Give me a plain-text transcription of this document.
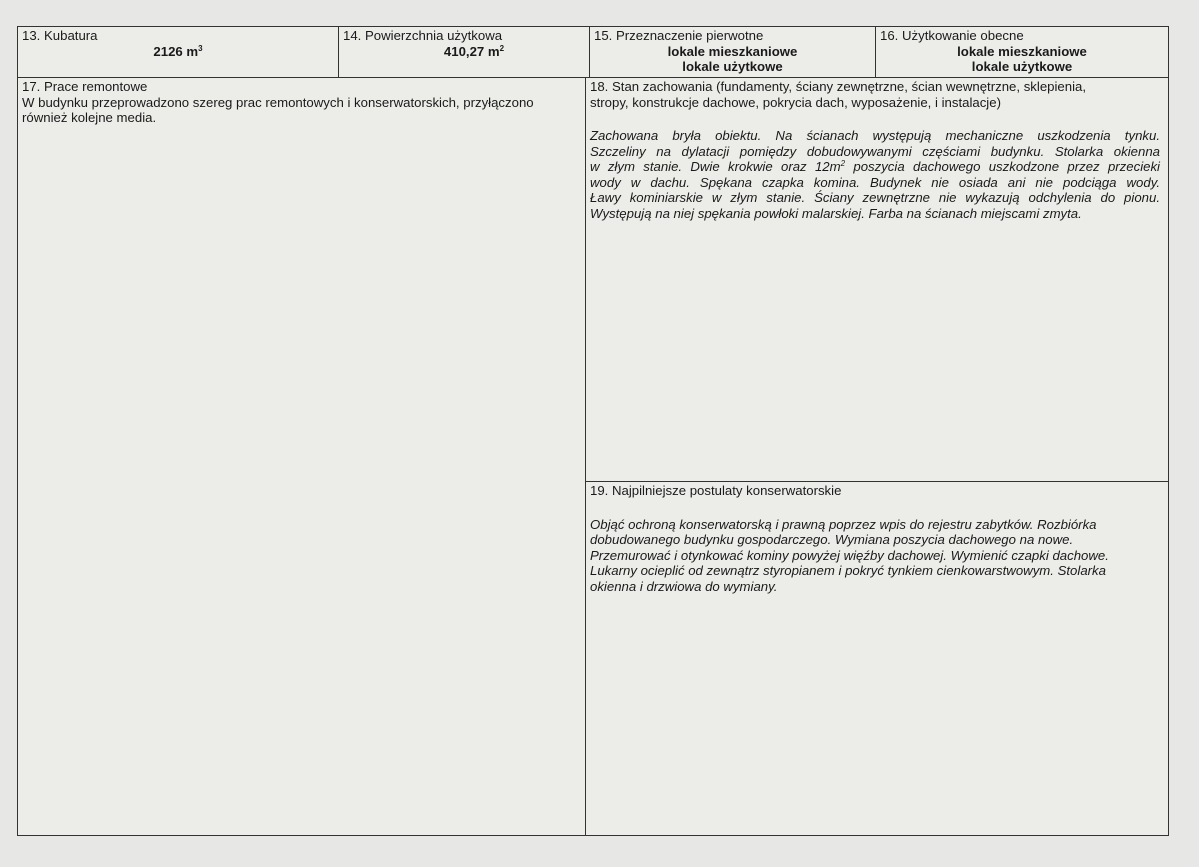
13. Kubatura
2126 $m^3$
14. Powierzchnia użytkowa
410,27 $m^2$
15. Przeznaczenie pierwotne
lokale mieszkaniowe
lokale użytkowe
16. Użytkowanie obecne
lokale mieszkaniowe
lokale użytkowe
17. Prace remontowe
W budynku przeprowadzono szereg prac remontowych i konserwatorskich, przyłączono również kolejne media.
18. Stan zachowania (fundamenty, ściany zewnętrzne, ścian wewnętrzne, sklepienia,
stropy, konstrukcje dachowe, pokrycia dach, wyposażenie, i instalacje)
Zachowana bryła obiektu. Na ścianach występują mechaniczne uszkodzenia tynku.
Szczeliny na dylatacji pomiędzy dobudowywanymi częściami budynku. Stolarka okienna
w złym stanie. Dwie krokwie oraz $12m^2$ poszycia dachowego uszkodzone przez przecieki
wody w dachu. Spękana czapka komina. Budynek nie osiada ani nie podciąga wody.
Ławy kominiarskie w złym stanie. Ściany zewnętrzne nie wykazują odchylenia do pionu.
Występują na niej spękania powłoki malarskiej. Farba na ścianach miejscami zmyta.
19. Najpilniejsze postulaty konserwatorskie
Objąć ochroną konserwatorską i prawną poprzez wpis do rejestru zabytków. Rozbiórka
dobudowanego budynku gospodarczego. Wymiana poszycia dachowego na nowe.
Przemurować i otynkować kominy powyżej więźby dachowej. Wymienić czapki dachowe.
Lukarny ocieplić od zewnątrz styropianem i pokryć tynkiem cienkowarstwowym. Stolarka
okienna i drzwiowa do wymiany.
